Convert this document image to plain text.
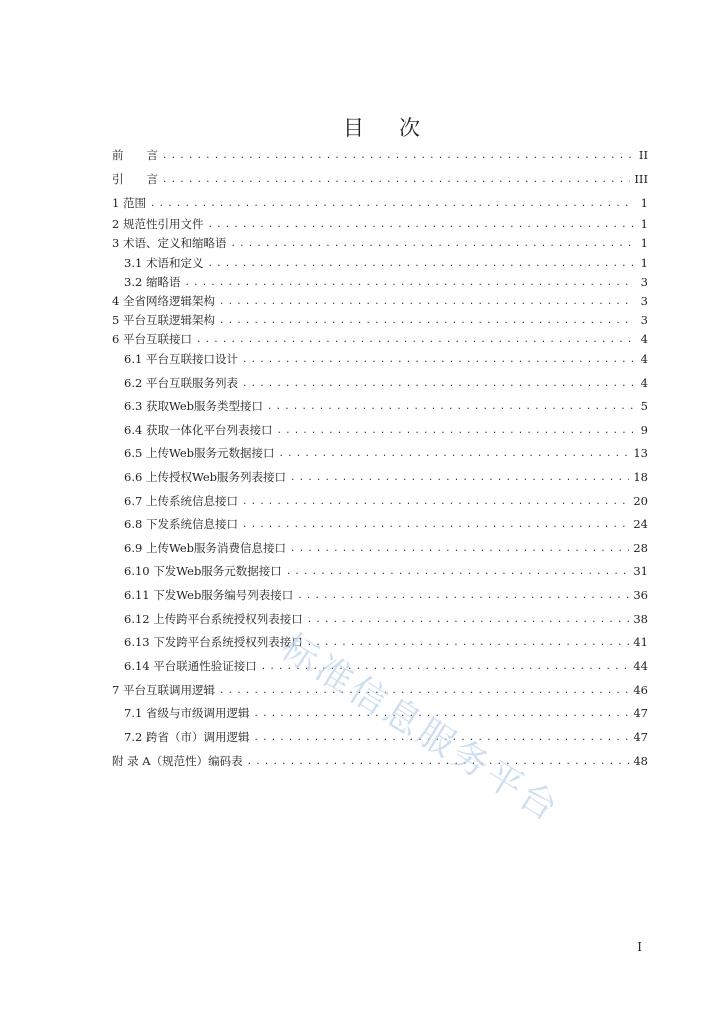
目 次
前　　言 .....	II
引　　言 .....	III
1 范围 .....	1
2 规范性引用文件 .....	1
3 术语、定义和缩略语 .....	1
3.1 术语和定义 .....	1
3.2 缩略语 .....	3
4 全省网络逻辑架构 .....	3
5 平台互联逻辑架构 .....	3
6 平台互联接口 .....	4
6.1 平台互联接口设计 .....	4
6.2 平台互联服务列表 .....	4
6.3 获取Web服务类型接口 .....	5
6.4 获取一体化平台列表接口 .....	9
6.5 上传Web服务元数据接口 .....	13
6.6 上传授权Web服务列表接口 .....	18
6.7 上传系统信息接口 .....	20
6.8 下发系统信息接口 .....	24
6.9 上传Web服务消费信息接口 .....	28
6.10 下发Web服务元数据接口 .....	31
6.11 下发Web服务编号列表接口 .....	36
6.12 上传跨平台系统授权列表接口 .....	38
6.13 下发跨平台系统授权列表接口 .....	41
6.14 平台联通性验证接口 .....	44
7 平台互联调用逻辑 .....	46
7.1 省级与市级调用逻辑 .....	47
7.2 跨省（市）调用逻辑 .....	47
附 录 A（规范性）编码表 .....	48
标准信息服务平台
I
